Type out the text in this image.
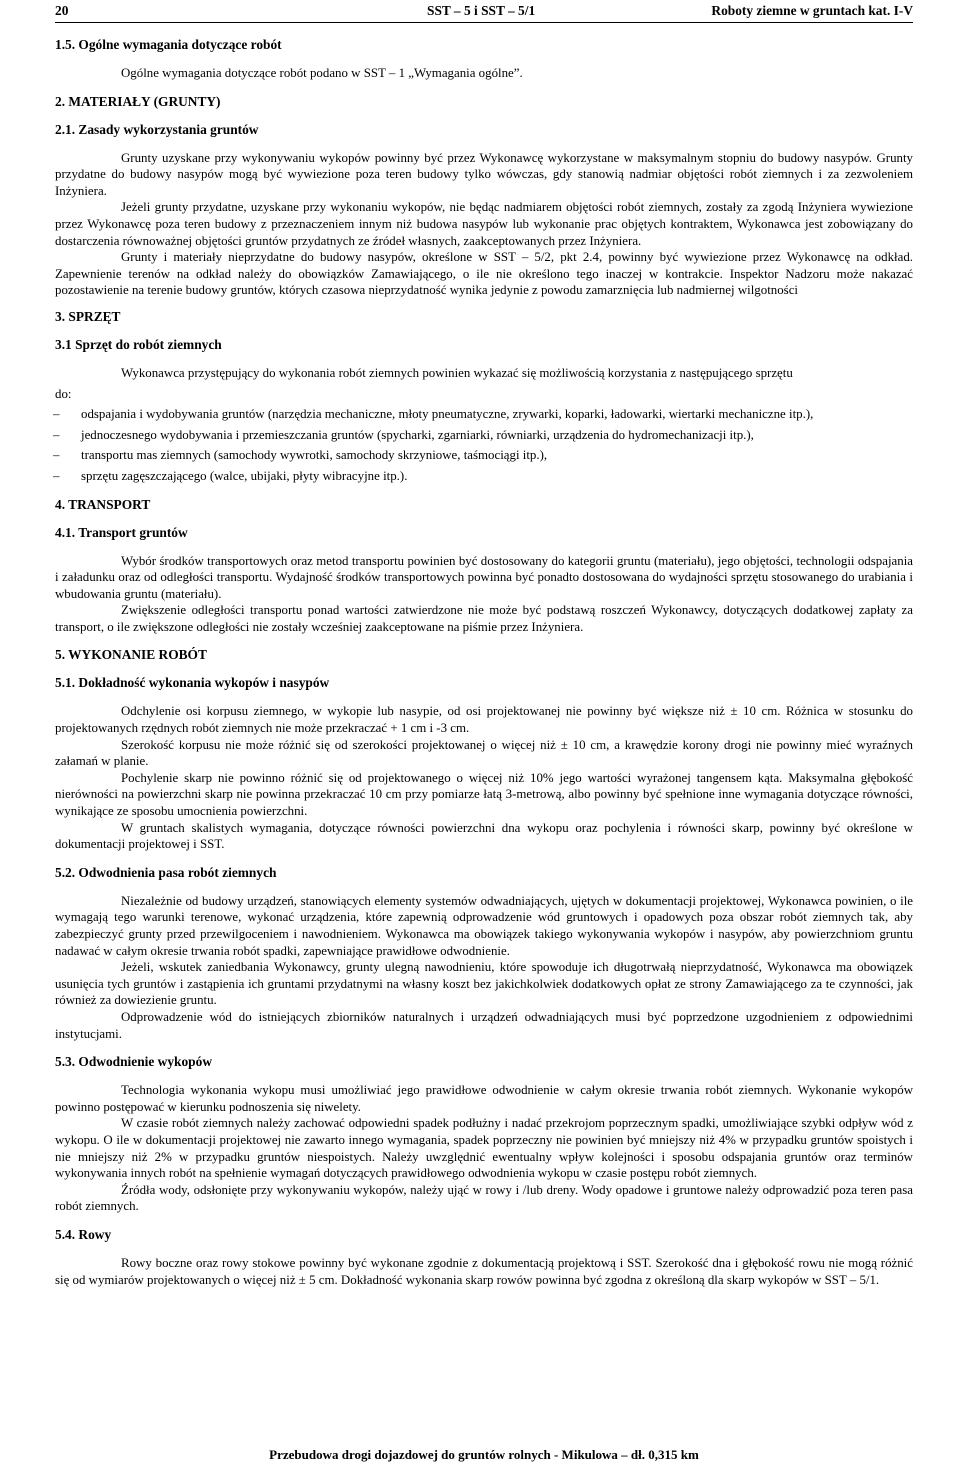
20	SST – 5 i SST – 5/1	Roboty ziemne w gruntach kat. I-V
1.5. Ogólne wymagania dotyczące robót

Ogólne wymagania dotyczące robót podano w SST – 1 „Wymagania ogólne”.

2. MATERIAŁY (GRUNTY)
2.1. Zasady wykorzystania gruntów

Grunty uzyskane przy wykonywaniu wykopów powinny być przez Wykonawcę wykorzystane w maksymalnym stopniu do budowy nasypów. Grunty przydatne do budowy nasypów mogą być wywiezione poza teren budowy tylko wówczas, gdy stanowią nadmiar objętości robót ziemnych i za zezwoleniem Inżyniera.

Jeżeli grunty przydatne, uzyskane przy wykonaniu wykopów, nie będąc nadmiarem objętości robót ziemnych, zostały za zgodą Inżyniera wywiezione przez Wykonawcę poza teren budowy z przeznaczeniem innym niż budowa nasypów lub wykonanie prac objętych kontraktem, Wykonawca jest zobowiązany do dostarczenia równoważnej objętości gruntów przydatnych ze źródeł własnych, zaakceptowanych przez Inżyniera.

Grunty i materiały nieprzydatne do budowy nasypów, określone w SST – 5/2, pkt 2.4, powinny być wywiezione przez Wykonawcę na odkład. Zapewnienie terenów na odkład należy do obowiązków Zamawiającego, o ile nie określono tego inaczej w kontrakcie. Inspektor Nadzoru może nakazać pozostawienie na terenie budowy gruntów, których czasowa nieprzydatność wynika jedynie z powodu zamarznięcia lub nadmiernej wilgotności

3. SPRZĘT
3.1 Sprzęt do robót ziemnych

Wykonawca przystępujący do wykonania robót ziemnych powinien wykazać się możliwością korzystania z następującego sprzętu

do:

–	odspajania i wydobywania gruntów (narzędzia mechaniczne, młoty pneumatyczne, zrywarki, koparki, ładowarki, wiertarki mechaniczne itp.),
–	jednoczesnego wydobywania i przemieszczania gruntów (spycharki, zgarniarki, równiarki, urządzenia do hydromechanizacji itp.),
–	transportu mas ziemnych (samochody wywrotki, samochody skrzyniowe, taśmociągi itp.),
–	sprzętu zagęszczającego (walce, ubijaki, płyty wibracyjne itp.).
4. TRANSPORT
4.1. Transport gruntów

Wybór środków transportowych oraz metod transportu powinien być dostosowany do kategorii gruntu (materiału), jego objętości, technologii odspajania i załadunku oraz od odległości transportu. Wydajność środków transportowych powinna być ponadto dostosowana do wydajności sprzętu stosowanego do urabiania i wbudowania gruntu (materiału).

Zwiększenie odległości transportu ponad wartości zatwierdzone nie może być podstawą roszczeń Wykonawcy, dotyczących dodatkowej zapłaty za transport, o ile zwiększone odległości nie zostały wcześniej zaakceptowane na piśmie przez Inżyniera.

5. WYKONANIE ROBÓT
5.1. Dokładność wykonania wykopów i nasypów

Odchylenie osi korpusu ziemnego, w wykopie lub nasypie, od osi projektowanej nie powinny być większe niż ± 10 cm. Różnica w stosunku do projektowanych rzędnych robót ziemnych nie może przekraczać + 1 cm i -3 cm.

Szerokość korpusu nie może różnić się od szerokości projektowanej o więcej niż ± 10 cm, a krawędzie korony drogi nie powinny mieć wyraźnych załamań w planie.

Pochylenie skarp nie powinno różnić się od projektowanego o więcej niż 10% jego wartości wyrażonej tangensem kąta. Maksymalna głębokość nierówności na powierzchni skarp nie powinna przekraczać 10 cm przy pomiarze łatą 3-metrową, albo powinny być spełnione inne wymagania dotyczące równości, wynikające ze sposobu umocnienia powierzchni.

W gruntach skalistych wymagania, dotyczące równości powierzchni dna wykopu oraz pochylenia i równości skarp, powinny być określone w dokumentacji projektowej i SST.

5.2. Odwodnienia pasa robót ziemnych

Niezależnie od budowy urządzeń, stanowiących elementy systemów odwadniających, ujętych w dokumentacji projektowej, Wykonawca powinien, o ile wymagają tego warunki terenowe, wykonać urządzenia, które zapewnią odprowadzenie wód gruntowych i opadowych poza obszar robót ziemnych tak, aby zabezpieczyć grunty przed przewilgoceniem i nawodnieniem. Wykonawca ma obowiązek takiego wykonywania wykopów i nasypów, aby powierzchniom gruntu nadawać w całym okresie trwania robót spadki, zapewniające prawidłowe odwodnienie.

Jeżeli, wskutek zaniedbania Wykonawcy, grunty ulegną nawodnieniu, które spowoduje ich długotrwałą nieprzydatność, Wykonawca ma obowiązek usunięcia tych gruntów i zastąpienia ich gruntami przydatnymi na własny koszt bez jakichkolwiek dodatkowych opłat ze strony Zamawiającego za te czynności, jak również za dowiezienie gruntu.

Odprowadzenie wód do istniejących zbiorników naturalnych i urządzeń odwadniających musi być poprzedzone uzgodnieniem z odpowiednimi instytucjami.

5.3. Odwodnienie wykopów

Technologia wykonania wykopu musi umożliwiać jego prawidłowe odwodnienie w całym okresie trwania robót ziemnych. Wykonanie wykopów powinno postępować w kierunku podnoszenia się niwelety.

W czasie robót ziemnych należy zachować odpowiedni spadek podłużny i nadać przekrojom poprzecznym spadki, umożliwiające szybki odpływ wód z wykopu. O ile w dokumentacji projektowej nie zawarto innego wymagania, spadek poprzeczny nie powinien być mniejszy niż 4% w przypadku gruntów spoistych i nie mniejszy niż 2% w przypadku gruntów niespoistych. Należy uwzględnić ewentualny wpływ kolejności i sposobu odspajania gruntów oraz terminów wykonywania innych robót na spełnienie wymagań dotyczących prawidłowego odwodnienia wykopu w czasie postępu robót ziemnych.

Źródła wody, odsłonięte przy wykonywaniu wykopów, należy ująć w rowy i /lub dreny. Wody opadowe i gruntowe należy odprowadzić poza teren pasa robót ziemnych.

5.4. Rowy

Rowy boczne oraz rowy stokowe powinny być wykonane zgodnie z dokumentacją projektową i SST. Szerokość dna i głębokość rowu nie mogą różnić się od wymiarów projektowanych o więcej niż ± 5 cm. Dokładność wykonania skarp rowów powinna być zgodna z określoną dla skarp wykopów w SST – 5/1.

Przebudowa drogi dojazdowej do gruntów rolnych - Mikulowa – dł. 0,315 km
